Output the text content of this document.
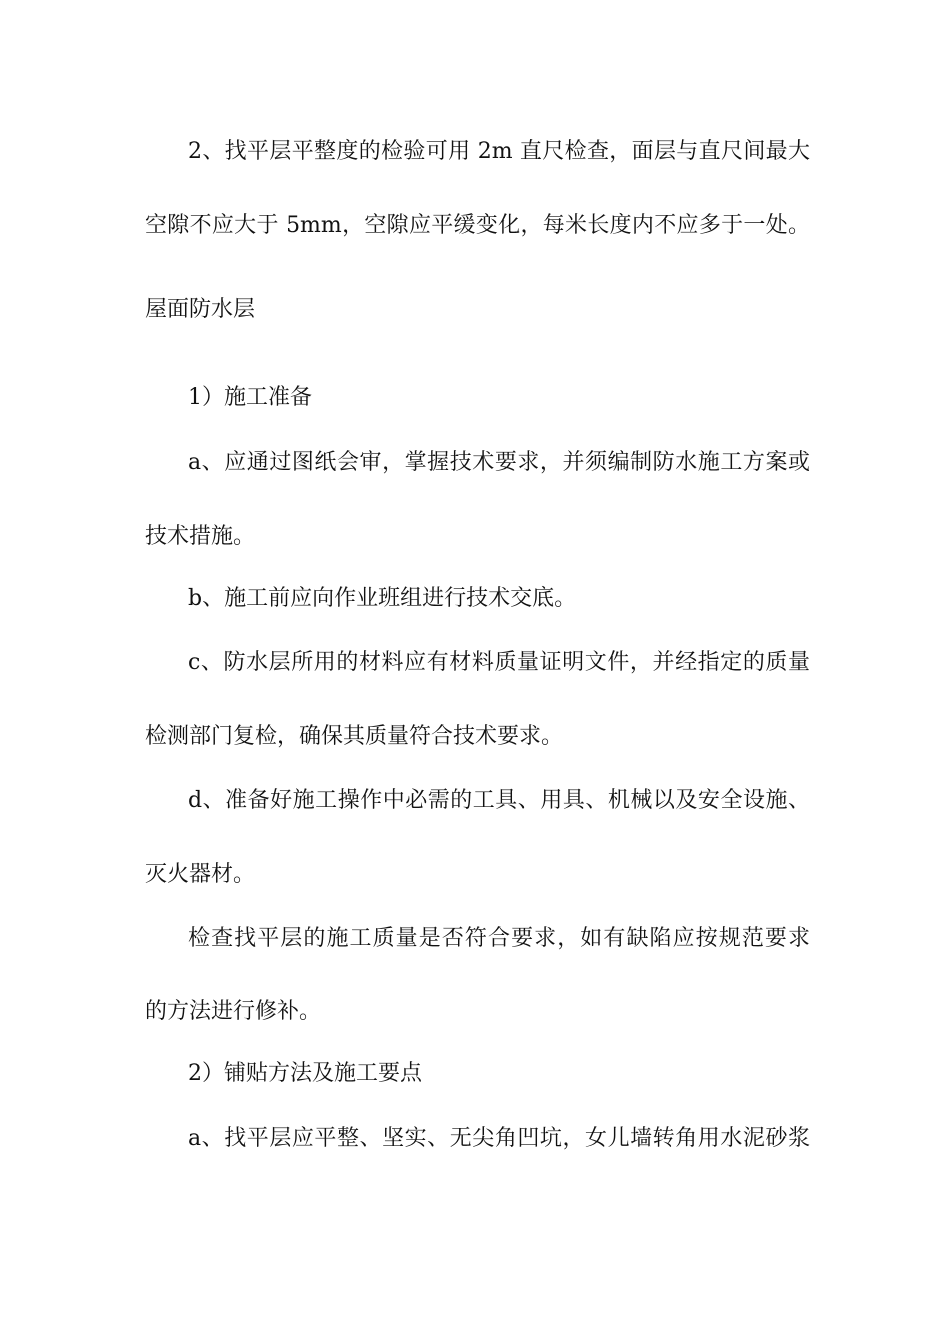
2、找平层平整度的检验可用 2m 直尺检查，面层与直尺间最大
空隙不应大于 5mm，空隙应平缓变化，每米长度内不应多于一处。
屋面防水层
1）施工准备
a、应通过图纸会审，掌握技术要求，并须编制防水施工方案或
技术措施。
b、施工前应向作业班组进行技术交底。
c、防水层所用的材料应有材料质量证明文件，并经指定的质量
检测部门复检，确保其质量符合技术要求。
d、准备好施工操作中必需的工具、用具、机械以及安全设施、
灭火器材。
检查找平层的施工质量是否符合要求，如有缺陷应按规范要求
的方法进行修补。
2）铺贴方法及施工要点
a、找平层应平整、坚实、无尖角凹坑，女儿墙转角用水泥砂浆
